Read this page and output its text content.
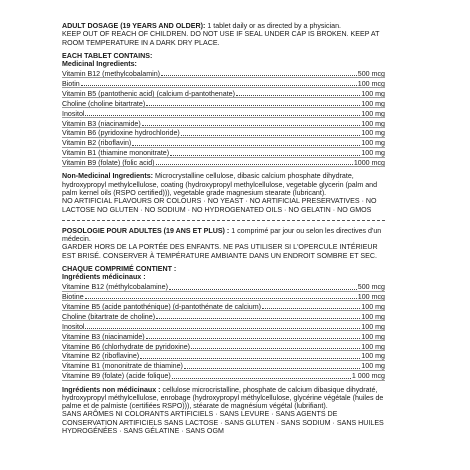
ADULT DOSAGE (19 YEARS AND OLDER): 1 tablet daily or as directed by a physician.

KEEP OUT OF REACH OF CHILDREN. DO NOT USE IF SEAL UNDER CAP IS BROKEN. KEEP AT ROOM TEMPERATURE IN A DARK DRY PLACE.

EACH TABLET CONTAINS:

Medicinal Ingredients:

Vitamin B12 (methylcobalamin)	500 mcg
Biotin	100 mcg
Vitamin B5 (pantothenic acid) (calcium d-pantothenate)	100 mg
Choline (choline bitartrate)	100 mg
Inositol	100 mg
Vitamin B3 (niacinamide)	100 mg
Vitamin B6 (pyridoxine hydrochloride)	100 mg
Vitamin B2 (riboflavin)	100 mg
Vitamin B1 (thiamine mononitrate)	100 mg
Vitamin B9 (folate) (folic acid)	1000 mcg

Non-Medicinal Ingredients: Microcrystalline cellulose, dibasic calcium phosphate dihydrate, hydroxypropyl methylcellulose, coating (hydroxypropyl methylcellulose, vegetable glycerin (palm and palm kernel oils (RSPO certified))), vegetable grade magnesium stearate (lubricant).

NO ARTIFICIAL FLAVOURS OR COLOURS · NO YEAST · NO ARTIFICIAL PRESERVATIVES · NO LACTOSE NO GLUTEN · NO SODIUM · NO HYDROGENATED OILS · NO GELATIN · NO GMOS

POSOLOGIE POUR ADULTES (19 ANS ET PLUS) : 1 comprimé par jour ou selon les directives d'un médecin.

GARDER HORS DE LA PORTÉE DES ENFANTS. NE PAS UTILISER SI L'OPERCULE INTÉRIEUR EST BRISÉ. CONSERVER À TEMPÉRATURE AMBIANTE DANS UN ENDROIT SOMBRE ET SEC.

CHAQUE COMPRIMÉ CONTIENT :

Ingrédients médicinaux :

Vitamine B12 (méthylcobalamine)	500 mcg
Biotine	100 mcg
Vitamine B5 (acide pantothénique) (d-pantothénate de calcium)	100 mg
Choline (bitartrate de choline)	100 mg
Inositol	100 mg
Vitamine B3 (niacinamide)	100 mg
Vitamine B6 (chlorhydrate de pyridoxine)	100 mg
Vitamine B2 (riboflavine)	100 mg
Vitamine B1 (mononitrate de thiamine)	100 mg
Vitamine B9 (folate) (acide folique)	1 000 mcg

Ingrédients non médicinaux : cellulose microcristalline, phosphate de calcium dibasique dihydraté, hydroxypropyl méthylcellulose, enrobage (hydroxypropyl méthylcellulose, glycérine végétale (huiles de palme et de palmiste (certifiées RSPO))), stéarate de magnésium végétal (lubrifiant).

SANS ARÔMES NI COLORANTS ARTIFICIELS · SANS LEVURE · SANS AGENTS DE CONSERVATION ARTIFICIELS SANS LACTOSE · SANS GLUTEN · SANS SODIUM · SANS HUILES HYDROGÉNÉES · SANS GÉLATINE · SANS OGM
